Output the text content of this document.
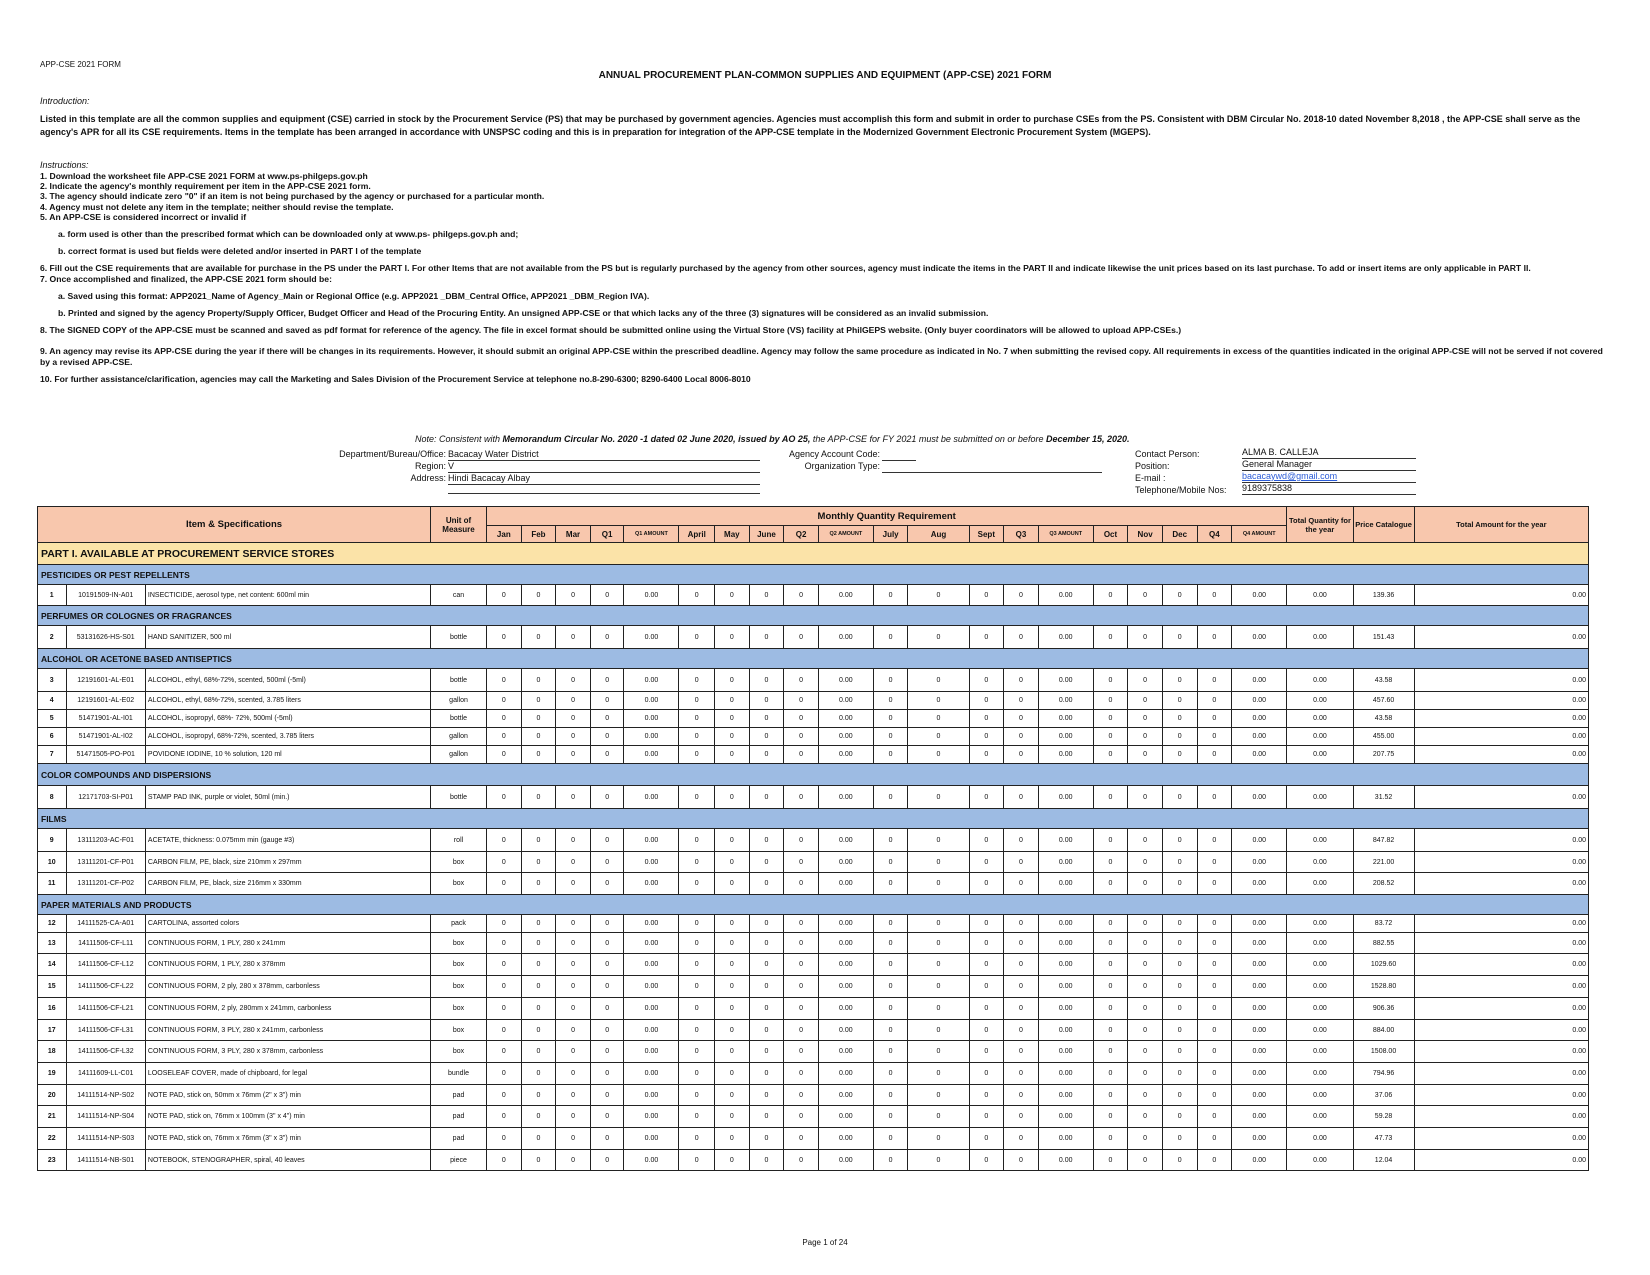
APP-CSE 2021 FORM
ANNUAL PROCUREMENT PLAN-COMMON SUPPLIES AND EQUIPMENT (APP-CSE) 2021 FORM
Introduction:
Listed in this template are all the common supplies and equipment (CSE) carried in stock by the Procurement Service (PS) that may be purchased by government agencies. Agencies must accomplish this form and submit in order to purchase CSEs from the PS. Consistent with DBM Circular No. 2018-10 dated November 8,2018 , the APP-CSE shall serve as the agency's APR for all its CSE requirements. Items in the template has been arranged in accordance with UNSPSC coding and this is in preparation for integration of the APP-CSE template in the Modernized Government Electronic Procurement System (MGEPS).
Instructions:
1. Download the worksheet file APP-CSE 2021 FORM at www.ps-philgeps.gov.ph
2. Indicate the agency's monthly requirement per item in the APP-CSE 2021 form.
3. The agency should indicate zero "0" if an item is not being purchased by the agency or purchased for a particular month.
4. Agency must not delete any item in the template; neither should revise the template.
5. An APP-CSE is considered incorrect or invalid if
a. form used is other than the prescribed format which can be downloaded only at www.ps- philgeps.gov.ph and;
b. correct format is used but fields were deleted and/or inserted in PART I of the template
6. Fill out the CSE requirements that are available for purchase in the PS under the PART I. For other Items that are not available from the PS but is regularly purchased by the agency from other sources, agency must indicate the items in the PART II and indicate likewise the unit prices based on its last purchase. To add or insert items are only applicable in PART II.
7. Once accomplished and finalized, the APP-CSE 2021 form should be:
a. Saved using this format: APP2021_Name of Agency_Main or Regional Office (e.g. APP2021 _DBM_Central Office, APP2021 _DBM_Region IVA).
b. Printed and signed by the agency Property/Supply Officer, Budget Officer and Head of the Procuring Entity. An unsigned APP-CSE or that which lacks any of the three (3) signatures will be considered as an invalid submission.
8. The SIGNED COPY of the APP-CSE must be scanned and saved as pdf format for reference of the agency. The file in excel format should be submitted online using the Virtual Store (VS) facility at PhilGEPS website. (Only buyer coordinators will be allowed to upload APP-CSEs.)
9. An agency may revise its APP-CSE during the year if there will be changes in its requirements. However, it should submit an original APP-CSE within the prescribed deadline. Agency may follow the same procedure as indicated in No. 7 when submitting the revised copy. All requirements in excess of the quantities indicated in the original APP-CSE will not be served if not covered by a revised APP-CSE.
10. For further assistance/clarification, agencies may call the Marketing and Sales Division of the Procurement Service at telephone no.8-290-6300; 8290-6400 Local 8006-8010
Note: Consistent with Memorandum Circular No. 2020 -1 dated 02 June 2020, issued by AO 25, the APP-CSE for FY 2021 must be submitted on or before December 15, 2020.
Department/Bureau/Office: Bacacay Water District
Region: V
Address: Hindi Bacacay Albay
Agency Account Code:
Organization Type:
Contact Person:	ALMA B. CALLEJA
Position:	General Manager
E-mail :	bacacaywd@gmail.com
Telephone/Mobile Nos: 9189375838
Item & Specifications			Unit of Measure	Monthly Quantity Requirement																				Total Quantity for the year	Price Catalogue	Total Amount for the year
				Jan	Feb	Mar	Q1	Q1 AMOUNT	April	May	June	Q2	Q2 AMOUNT	July	Aug	Sept	Q3	Q3 AMOUNT	Oct	Nov	Dec	Q4	Q4 AMOUNT			
PART I. AVAILABLE AT PROCUREMENT SERVICE STORES																										
PESTICIDES OR PEST REPELLENTS																										
1	10191509-IN-A01	INSECTICIDE, aerosol type, net content: 600ml min	can	0	0	0	0	0.00	0	0	0	0	0.00	0	0	0	0	0.00	0	0	0	0	0.00	0.00	139.36	0.00
PERFUMES OR COLOGNES OR FRAGRANCES																										
2	53131626-HS-S01	HAND SANITIZER, 500 ml	bottle	0	0	0	0	0.00	0	0	0	0	0.00	0	0	0	0	0.00	0	0	0	0	0.00	0.00	151.43	0.00
ALCOHOL OR ACETONE BASED ANTISEPTICS																										
3	12191601-AL-E01	ALCOHOL, ethyl, 68%-72%, scented, 500ml (-5ml)	bottle	0	0	0	0	0.00	0	0	0	0	0.00	0	0	0	0	0.00	0	0	0	0	0.00	0.00	43.58	0.00
4	12191601-AL-E02	ALCOHOL, ethyl, 68%-72%, scented, 3.785 liters	gallon	0	0	0	0	0.00	0	0	0	0	0.00	0	0	0	0	0.00	0	0	0	0	0.00	0.00	457.60	0.00
5	51471901-AL-I01	ALCOHOL, isopropyl, 68%- 72%, 500ml (-5ml)	bottle	0	0	0	0	0.00	0	0	0	0	0.00	0	0	0	0	0.00	0	0	0	0	0.00	0.00	43.58	0.00
6	51471901-AL-I02	ALCOHOL, isopropyl, 68%-72%, scented, 3.785 liters	gallon	0	0	0	0	0.00	0	0	0	0	0.00	0	0	0	0	0.00	0	0	0	0	0.00	0.00	455.00	0.00
7	51471505-PO-P01	POVIDONE IODINE, 10 % solution, 120 ml	gallon	0	0	0	0	0.00	0	0	0	0	0.00	0	0	0	0	0.00	0	0	0	0	0.00	0.00	207.75	0.00
COLOR COMPOUNDS AND DISPERSIONS																										
8	12171703-SI-P01	STAMP PAD INK, purple or violet, 50ml (min.)	bottle	0	0	0	0	0.00	0	0	0	0	0.00	0	0	0	0	0.00	0	0	0	0	0.00	0.00	31.52	0.00
FILMS																										
9	13111203-AC-F01	ACETATE, thickness: 0.075mm min (gauge #3)	roll	0	0	0	0	0.00	0	0	0	0	0.00	0	0	0	0	0.00	0	0	0	0	0.00	0.00	847.82	0.00
10	13111201-CF-P01	CARBON FILM, PE, black, size 210mm x 297mm	box	0	0	0	0	0.00	0	0	0	0	0.00	0	0	0	0	0.00	0	0	0	0	0.00	0.00	221.00	0.00
11	13111201-CF-P02	CARBON FILM, PE, black, size 216mm x 330mm	box	0	0	0	0	0.00	0	0	0	0	0.00	0	0	0	0	0.00	0	0	0	0	0.00	0.00	208.52	0.00
PAPER MATERIALS AND PRODUCTS																										
12	14111525-CA-A01	CARTOLINA, assorted colors	pack	0	0	0	0	0.00	0	0	0	0	0.00	0	0	0	0	0.00	0	0	0	0	0.00	0.00	83.72	0.00
13	14111506-CF-L11	CONTINUOUS FORM, 1 PLY, 280 x 241mm	box	0	0	0	0	0.00	0	0	0	0	0.00	0	0	0	0	0.00	0	0	0	0	0.00	0.00	882.55	0.00
14	14111506-CF-L12	CONTINUOUS FORM, 1 PLY, 280 x 378mm	box	0	0	0	0	0.00	0	0	0	0	0.00	0	0	0	0	0.00	0	0	0	0	0.00	0.00	1029.60	0.00
15	14111506-CF-L22	CONTINUOUS FORM, 2 ply, 280 x 378mm, carbonless	box	0	0	0	0	0.00	0	0	0	0	0.00	0	0	0	0	0.00	0	0	0	0	0.00	0.00	1528.80	0.00
16	14111506-CF-L21	CONTINUOUS FORM, 2 ply, 280mm x 241mm, carbonless	box	0	0	0	0	0.00	0	0	0	0	0.00	0	0	0	0	0.00	0	0	0	0	0.00	0.00	906.36	0.00
17	14111506-CF-L31	CONTINUOUS FORM, 3 PLY, 280 x 241mm, carbonless	box	0	0	0	0	0.00	0	0	0	0	0.00	0	0	0	0	0.00	0	0	0	0	0.00	0.00	884.00	0.00
18	14111506-CF-L32	CONTINUOUS FORM, 3 PLY, 280 x 378mm, carbonless	box	0	0	0	0	0.00	0	0	0	0	0.00	0	0	0	0	0.00	0	0	0	0	0.00	0.00	1508.00	0.00
19	14111609-LL-C01	LOOSELEAF COVER, made of chipboard, for legal	bundle	0	0	0	0	0.00	0	0	0	0	0.00	0	0	0	0	0.00	0	0	0	0	0.00	0.00	794.96	0.00
20	14111514-NP-S02	NOTE PAD, stick on, 50mm x 76mm (2" x 3") min	pad	0	0	0	0	0.00	0	0	0	0	0.00	0	0	0	0	0.00	0	0	0	0	0.00	0.00	37.06	0.00
21	14111514-NP-S04	NOTE PAD, stick on, 76mm x 100mm (3" x 4") min	pad	0	0	0	0	0.00	0	0	0	0	0.00	0	0	0	0	0.00	0	0	0	0	0.00	0.00	59.28	0.00
22	14111514-NP-S03	NOTE PAD, stick on, 76mm x 76mm (3" x 3") min	pad	0	0	0	0	0.00	0	0	0	0	0.00	0	0	0	0	0.00	0	0	0	0	0.00	0.00	47.73	0.00
23	14111514-NB-S01	NOTEBOOK, STENOGRAPHER, spiral, 40 leaves	piece	0	0	0	0	0.00	0	0	0	0	0.00	0	0	0	0	0.00	0	0	0	0	0.00	0.00	12.04	0.00
Page 1 of 24
